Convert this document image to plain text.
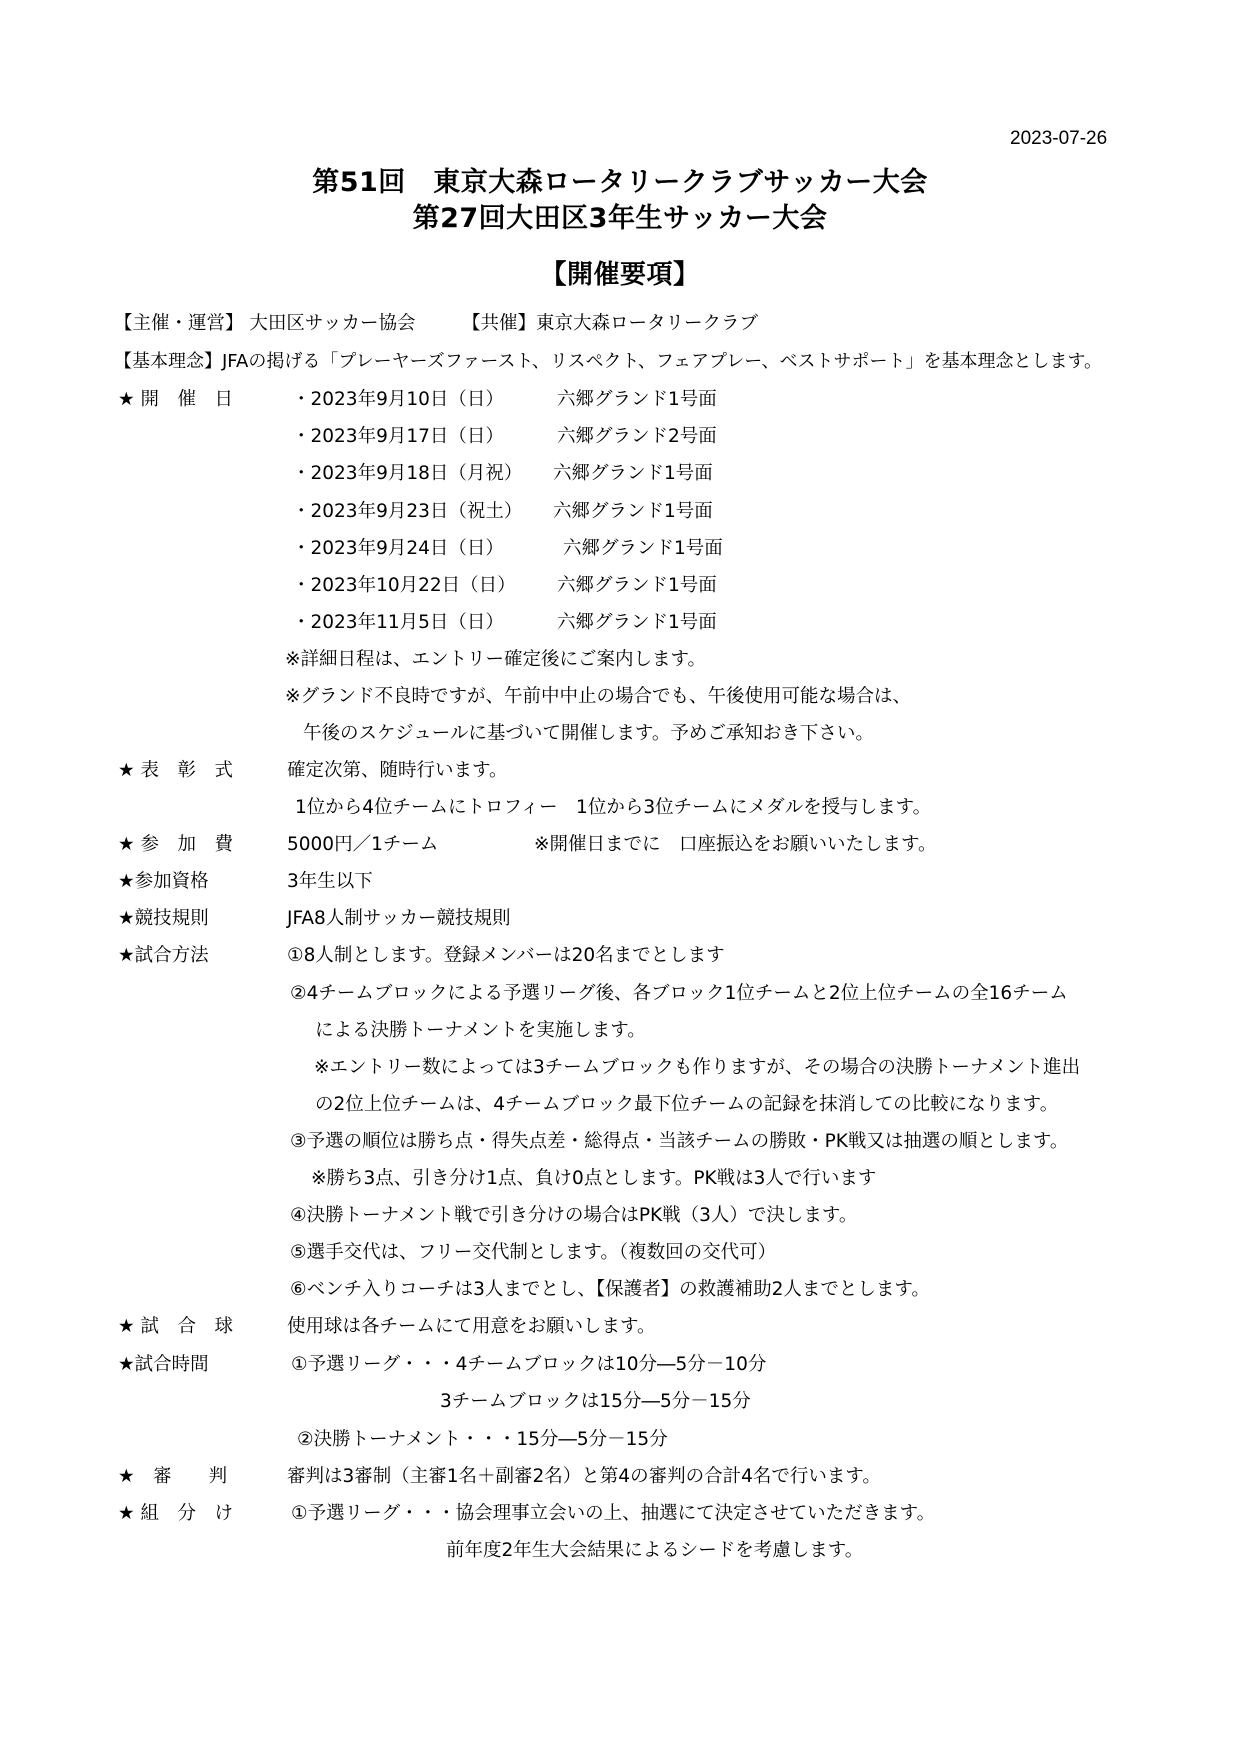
2023-07-26
第51回　東京大森ロータリークラブサッカー大会
第27回大田区3年生サッカー大会
【開催要項】
【主催・運営】 大田区サッカー協会	【共催】東京大森ロータリークラブ
【基本理念】JFAの掲げる「プレーヤーズファースト、リスペクト、フェアプレー、ベストサポート」を基本理念とします。
★ 開　催　日	・2023年9月10日（日）	六郷グランド1号面
・2023年9月17日（日）	六郷グランド2号面
・2023年9月18日（月祝） 六郷グランド1号面
・2023年9月23日（祝土） 六郷グランド1号面
・2023年9月24日（日）	六郷グランド1号面
・2023年10月22日（日） 六郷グランド1号面
・2023年11月5日（日）	六郷グランド1号面
※詳細日程は、エントリー確定後にご案内します。
※グランド不良時ですが、午前中中止の場合でも、午後使用可能な場合は、
午後のスケジュールに基づいて開催します。予めご承知おき下さい。
★ 表　彰　式	確定次第、随時行います。
1位から4位チームにトロフィー　1位から3位チームにメダルを授与します。
★ 参　加　費	5000円／1チーム	※開催日までに　口座振込をお願いいたします。
★参加資格	3年生以下
★競技規則	JFA8人制サッカー競技規則
★試合方法	①8人制とします。登録メンバーは20名までとします
②4チームブロックによる予選リーグ後、各ブロック1位チームと2位上位チームの全16チーム
による決勝トーナメントを実施します。
※エントリー数によっては3チームブロックも作りますが、その場合の決勝トーナメント進出
の2位上位チームは、4チームブロック最下位チームの記録を抹消しての比較になります。
③予選の順位は勝ち点・得失点差・総得点・当該チームの勝敗・PK戦又は抽選の順とします。
※勝ち3点、引き分け1点、負け0点とします。PK戦は3人で行います
④決勝トーナメント戦で引き分けの場合はPK戦（3人）で決します。
⑤選手交代は、フリー交代制とします。（複数回の交代可）
⑥ベンチ入りコーチは3人までとし、【保護者】の救護補助2人までとします。
★ 試　合　球	使用球は各チームにて用意をお願いします。
★試合時間	①予選リーグ・・・4チームブロックは10分―5分－10分
3チームブロックは15分―5分－15分
②決勝トーナメント・・・15分―5分－15分
★　審　　判	審判は3審制（主審1名＋副審2名）と第4の審判の合計4名で行います。
★ 組　分　け	①予選リーグ・・・協会理事立会いの上、抽選にて決定させていただきます。
前年度2年生大会結果によるシードを考慮します。
